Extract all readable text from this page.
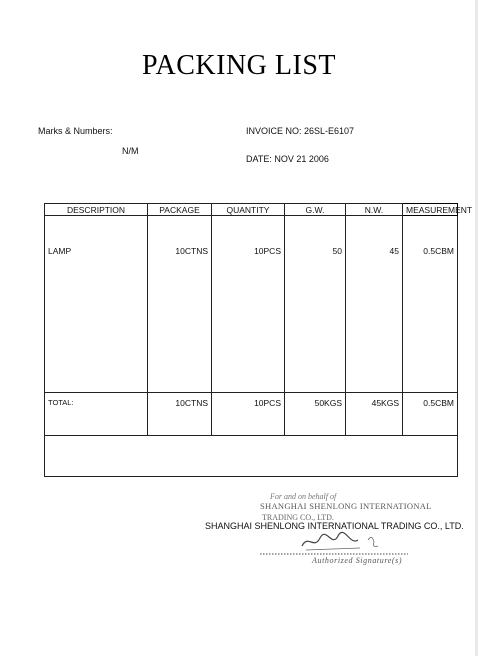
PACKING LIST
Marks & Numbers:
N/M
INVOICE NO: 26SL-E6107
DATE: NOV 21 2006
DESCRIPTION	PACKAGE	QUANTITY	G.W.	N.W.	MEASUREMENT
LAMP	10CTNS	10PCS	50	45	0.5CBM
TOTAL:	10CTNS	10PCS	50KGS	45KGS	0.5CBM

For and on behalf of
SHANGHAI SHENLONG INTERNATIONAL
TRADING CO., LTD.
Authorized Signature(s)
SHANGHAI SHENLONG INTERNATIONAL TRADING CO., LTD.
